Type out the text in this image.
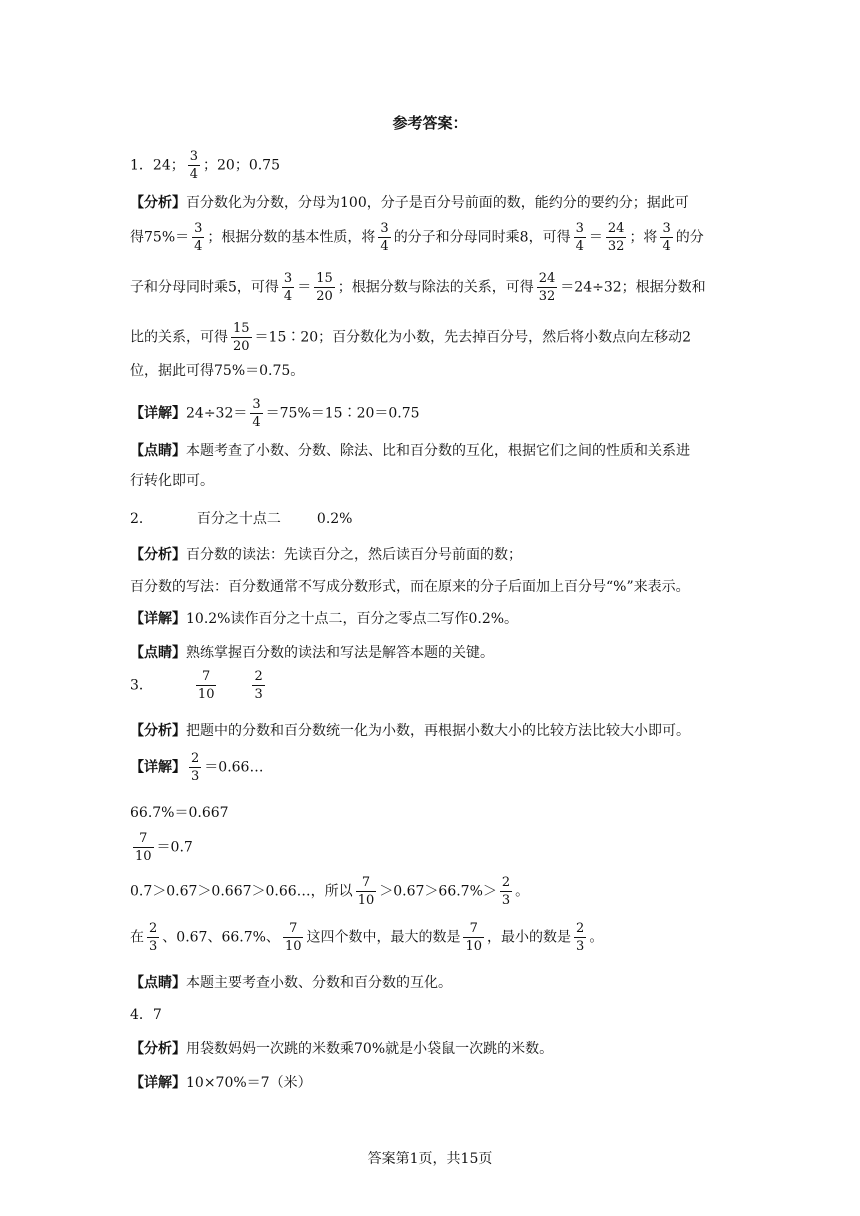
参考答案：
1．24； $\frac{3}{4}$ ；20；0.75
【分析】百分数化为分数，分母为100，分子是百分号前面的数，能约分的要约分；据此可
得$75\%= \frac{3}{4}$ ；根据分数的基本性质，将 $\frac{3}{4}$ 的分子和分母同时乘8，可得 $\frac{3}{4} = \frac{24}{32}$ ；将 $\frac{3}{4}$ 的分
子和分母同时乘5，可得 $\frac{3}{4} = \frac{15}{20}$ ；根据分数与除法的关系，可得 $\frac{24}{32} =24\div 32$；根据分数和
比的关系，可得 $\frac{15}{20}$ ＝15∶20；百分数化为小数，先去掉百分号，然后将小数点向左移动2
位，据此可得75%＝0.75。
【详解】$24\div 32= \frac{3}{4}$ ＝75%＝15∶20＝0.75
【点睛】本题考查了小数、分数、除法、比和百分数的互化，根据它们之间的性质和关系进
行转化即可。
2．	百分之十点二	0.2%
【分析】百分数的读法：先读百分之，然后读百分号前面的数；
百分数的写法：百分数通常不写成分数形式，而在原来的分子后面加上百分号“%”来表示。
【详解】10.2%读作百分之十点二，百分之零点二写作0.2%。
【点睛】熟练掌握百分数的读法和写法是解答本题的关键。
3．	$\frac{7}{10}$	$\frac{2}{3}$
【分析】把题中的分数和百分数统一化为小数，再根据小数大小的比较方法比较大小即可。
【详解】 $\frac{2}{3}$ ＝0.66…
66.7%＝0.667
$\frac{7}{10} =0.7$
0.7＞0.67＞0.667＞0.66…，所以 $\frac{7}{10} >0.67>66.7\%> \frac{2}{3}$ 。
在 $\frac{2}{3}$ 、0.67、66.7%、 $\frac{7}{10}$ 这四个数中，最大的数是 $\frac{7}{10}$ ，最小的数是 $\frac{2}{3}$ 。
【点睛】本题主要考查小数、分数和百分数的互化。
4．7
【分析】用袋数妈妈一次跳的米数乘70%就是小袋鼠一次跳的米数。
【详解】10×70%＝7（米）
答案第1页，共15页
